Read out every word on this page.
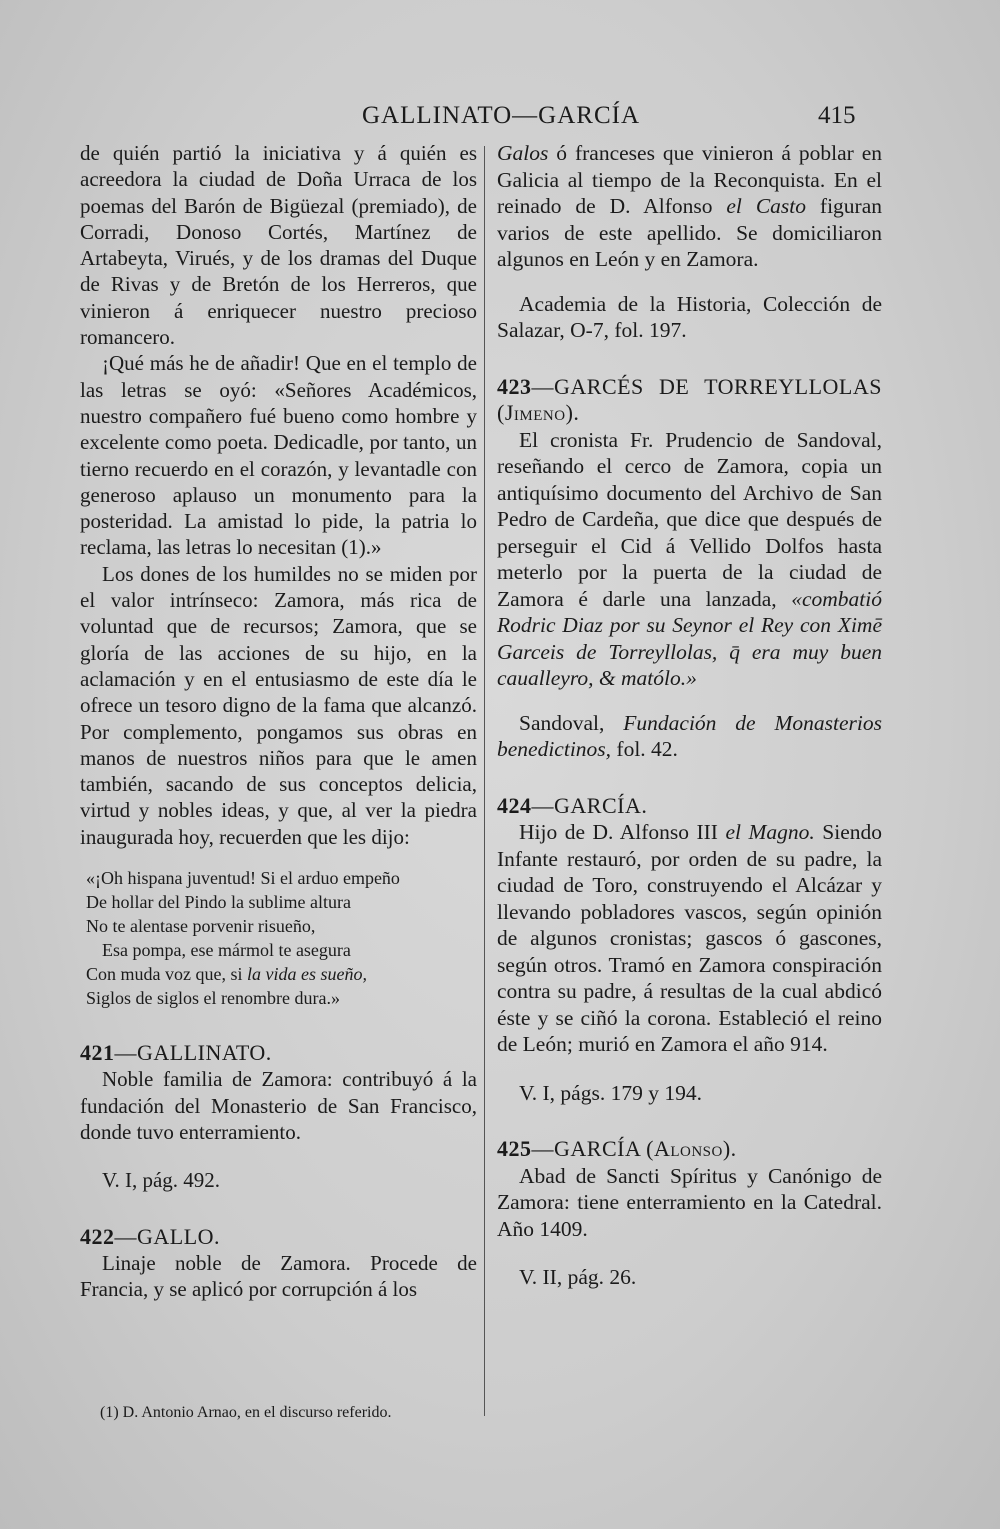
GALLINATO—GARCÍA	415

de quién partió la iniciativa y á quién es acreedora la ciudad de Doña Urraca de los poemas del Barón de Bigüezal (premiado), de Corradi, Donoso Cortés, Martínez de Artabeyta, Virués, y de los dramas del Duque de Rivas y de Bretón de los Herreros, que vinieron á enriquecer nuestro precioso romancero.

¡Qué más he de añadir! Que en el templo de las letras se oyó: «Señores Académicos, nuestro compañero fué bueno como hombre y excelente como poeta. Dedicadle, por tanto, un tierno recuerdo en el corazón, y levantadle con generoso aplauso un monumento para la posteridad. La amistad lo pide, la patria lo reclama, las letras lo necesitan (1).»

Los dones de los humildes no se miden por el valor intrínseco: Zamora, más rica de voluntad que de recursos; Zamora, que se gloría de las acciones de su hijo, en la aclamación y en el entusiasmo de este día le ofrece un tesoro digno de la fama que alcanzó. Por complemento, pongamos sus obras en manos de nuestros niños para que le amen también, sacando de sus conceptos delicia, virtud y nobles ideas, y que, al ver la piedra inaugurada hoy, recuerden que les dijo:

«¡Oh hispana juventud! Si el arduo empeño
De hollar del Pindo la sublime altura
No te alentase porvenir risueño,
Esa pompa, ese mármol te asegura
Con muda voz que, si la vida es sueño,
Siglos de siglos el renombre dura.»
421—GALLINATO.

Noble familia de Zamora: contribuyó á la fundación del Monasterio de San Francisco, donde tuvo enterramiento.

V. I, pág. 492.

422—GALLO.

Linaje noble de Zamora. Procede de Francia, y se aplicó por corrupción á los

(1) D. Antonio Arnao, en el discurso referido.

Galos ó franceses que vinieron á poblar en Galicia al tiempo de la Reconquista. En el reinado de D. Alfonso el Casto figuran varios de este apellido. Se domiciliaron algunos en León y en Zamora.

Academia de la Historia, Colección de Salazar, O-7, fol. 197.

423—GARCÉS DE TORREYLLOLAS (Jimeno).

El cronista Fr. Prudencio de Sandoval, reseñando el cerco de Zamora, copia un antiquísimo documento del Archivo de San Pedro de Cardeña, que dice que después de perseguir el Cid á Vellido Dolfos hasta meterlo por la puerta de la ciudad de Zamora é darle una lanzada, «combatió Rodric Diaz por su Seynor el Rey con Ximē Garceis de Torreyllolas, q̄ era muy buen caualleyro, & matólo.»

Sandoval, Fundación de Monasterios benedictinos, fol. 42.

424—GARCÍA.

Hijo de D. Alfonso III el Magno. Siendo Infante restauró, por orden de su padre, la ciudad de Toro, construyendo el Alcázar y llevando pobladores vascos, según opinión de algunos cronistas; gascos ó gascones, según otros. Tramó en Zamora conspiración contra su padre, á resultas de la cual abdicó éste y se ciñó la corona. Estableció el reino de León; murió en Zamora el año 914.

V. I, págs. 179 y 194.

425—GARCÍA (Alonso).

Abad de Sancti Spíritus y Canónigo de Zamora: tiene enterramiento en la Catedral. Año 1409.

V. II, pág. 26.
